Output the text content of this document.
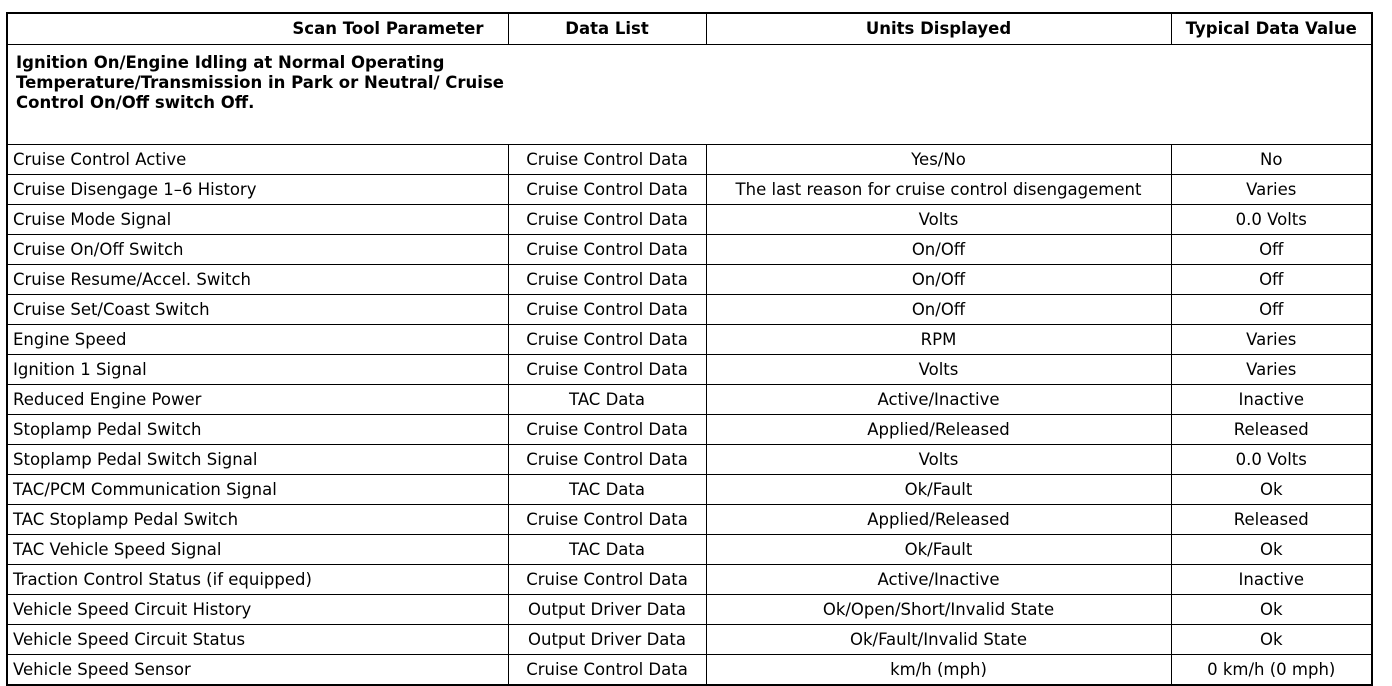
Scan Tool Parameter	Data List	Units Displayed	Typical Data Value

Ignition On/Engine Idling at Normal Operating Temperature/Transmission in Park or Neutral/ Cruise Control On/Off switch Off.			

Cruise Control Active	Cruise Control Data	Yes/No	No
Cruise Disengage 1–6 History	Cruise Control Data	The last reason for cruise control disengagement	Varies
Cruise Mode Signal	Cruise Control Data	Volts	0.0 Volts
Cruise On/Off Switch	Cruise Control Data	On/Off	Off
Cruise Resume/Accel. Switch	Cruise Control Data	On/Off	Off
Cruise Set/Coast Switch	Cruise Control Data	On/Off	Off
Engine Speed	Cruise Control Data	RPM	Varies
Ignition 1 Signal	Cruise Control Data	Volts	Varies
Reduced Engine Power	TAC Data	Active/Inactive	Inactive
Stoplamp Pedal Switch	Cruise Control Data	Applied/Released	Released
Stoplamp Pedal Switch Signal	Cruise Control Data	Volts	0.0 Volts
TAC/PCM Communication Signal	TAC Data	Ok/Fault	Ok
TAC Stoplamp Pedal Switch	Cruise Control Data	Applied/Released	Released
TAC Vehicle Speed Signal	TAC Data	Ok/Fault	Ok
Traction Control Status (if equipped)	Cruise Control Data	Active/Inactive	Inactive
Vehicle Speed Circuit History	Output Driver Data	Ok/Open/Short/Invalid State	Ok
Vehicle Speed Circuit Status	Output Driver Data	Ok/Fault/Invalid State	Ok
Vehicle Speed Sensor	Cruise Control Data	km/h (mph)	0 km/h (0 mph)
